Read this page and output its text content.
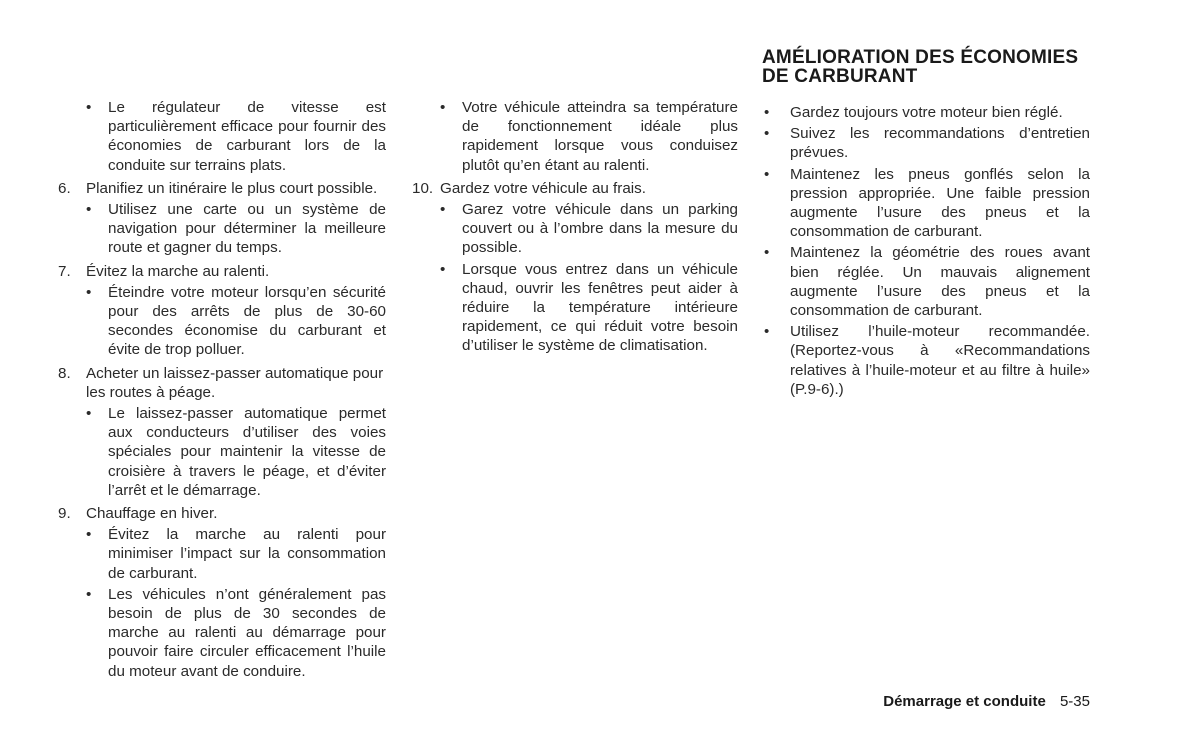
• Le régulateur de vitesse est particulièrement efficace pour fournir des économies de carburant lors de la conduite sur terrains plats.
6. Planifiez un itinéraire le plus court possible.
• Utilisez une carte ou un système de navigation pour déterminer la meilleure route et gagner du temps.
7. Évitez la marche au ralenti.
• Éteindre votre moteur lorsqu’en sécurité pour des arrêts de plus de 30-60 secondes économise du carburant et évite de trop polluer.
8. Acheter un laissez-passer automatique pour les routes à péage.
• Le laissez-passer automatique permet aux conducteurs d’utiliser des voies spéciales pour maintenir la vitesse de croisière à travers le péage, et d’éviter l’arrêt et le démarrage.
9. Chauffage en hiver.
• Évitez la marche au ralenti pour minimiser l’impact sur la consommation de carburant.
• Les véhicules n’ont généralement pas besoin de plus de 30 secondes de marche au ralenti au démarrage pour pouvoir faire circuler efficacement l’huile du moteur avant de conduire.
• Votre véhicule atteindra sa température de fonctionnement idéale plus rapidement lorsque vous conduisez plutôt qu’en étant au ralenti.
10. Gardez votre véhicule au frais.
• Garez votre véhicule dans un parking couvert ou à l’ombre dans la mesure du possible.
• Lorsque vous entrez dans un véhicule chaud, ouvrir les fenêtres peut aider à réduire la température intérieure rapidement, ce qui réduit votre besoin d’utiliser le système de climatisation.
AMÉLIORATION DES ÉCONOMIES DE CARBURANT
• Gardez toujours votre moteur bien réglé.
• Suivez les recommandations d’entretien prévues.
• Maintenez les pneus gonflés selon la pression appropriée. Une faible pression augmente l’usure des pneus et la consommation de carburant.
• Maintenez la géométrie des roues avant bien réglée. Un mauvais alignement augmente l’usure des pneus et la consommation de carburant.
• Utilisez l’huile-moteur recommandée. (Reportez-vous à «Recommandations relatives à l’huile-moteur et au filtre à huile» (P.9-6).)
Démarrage et conduite 5-35
